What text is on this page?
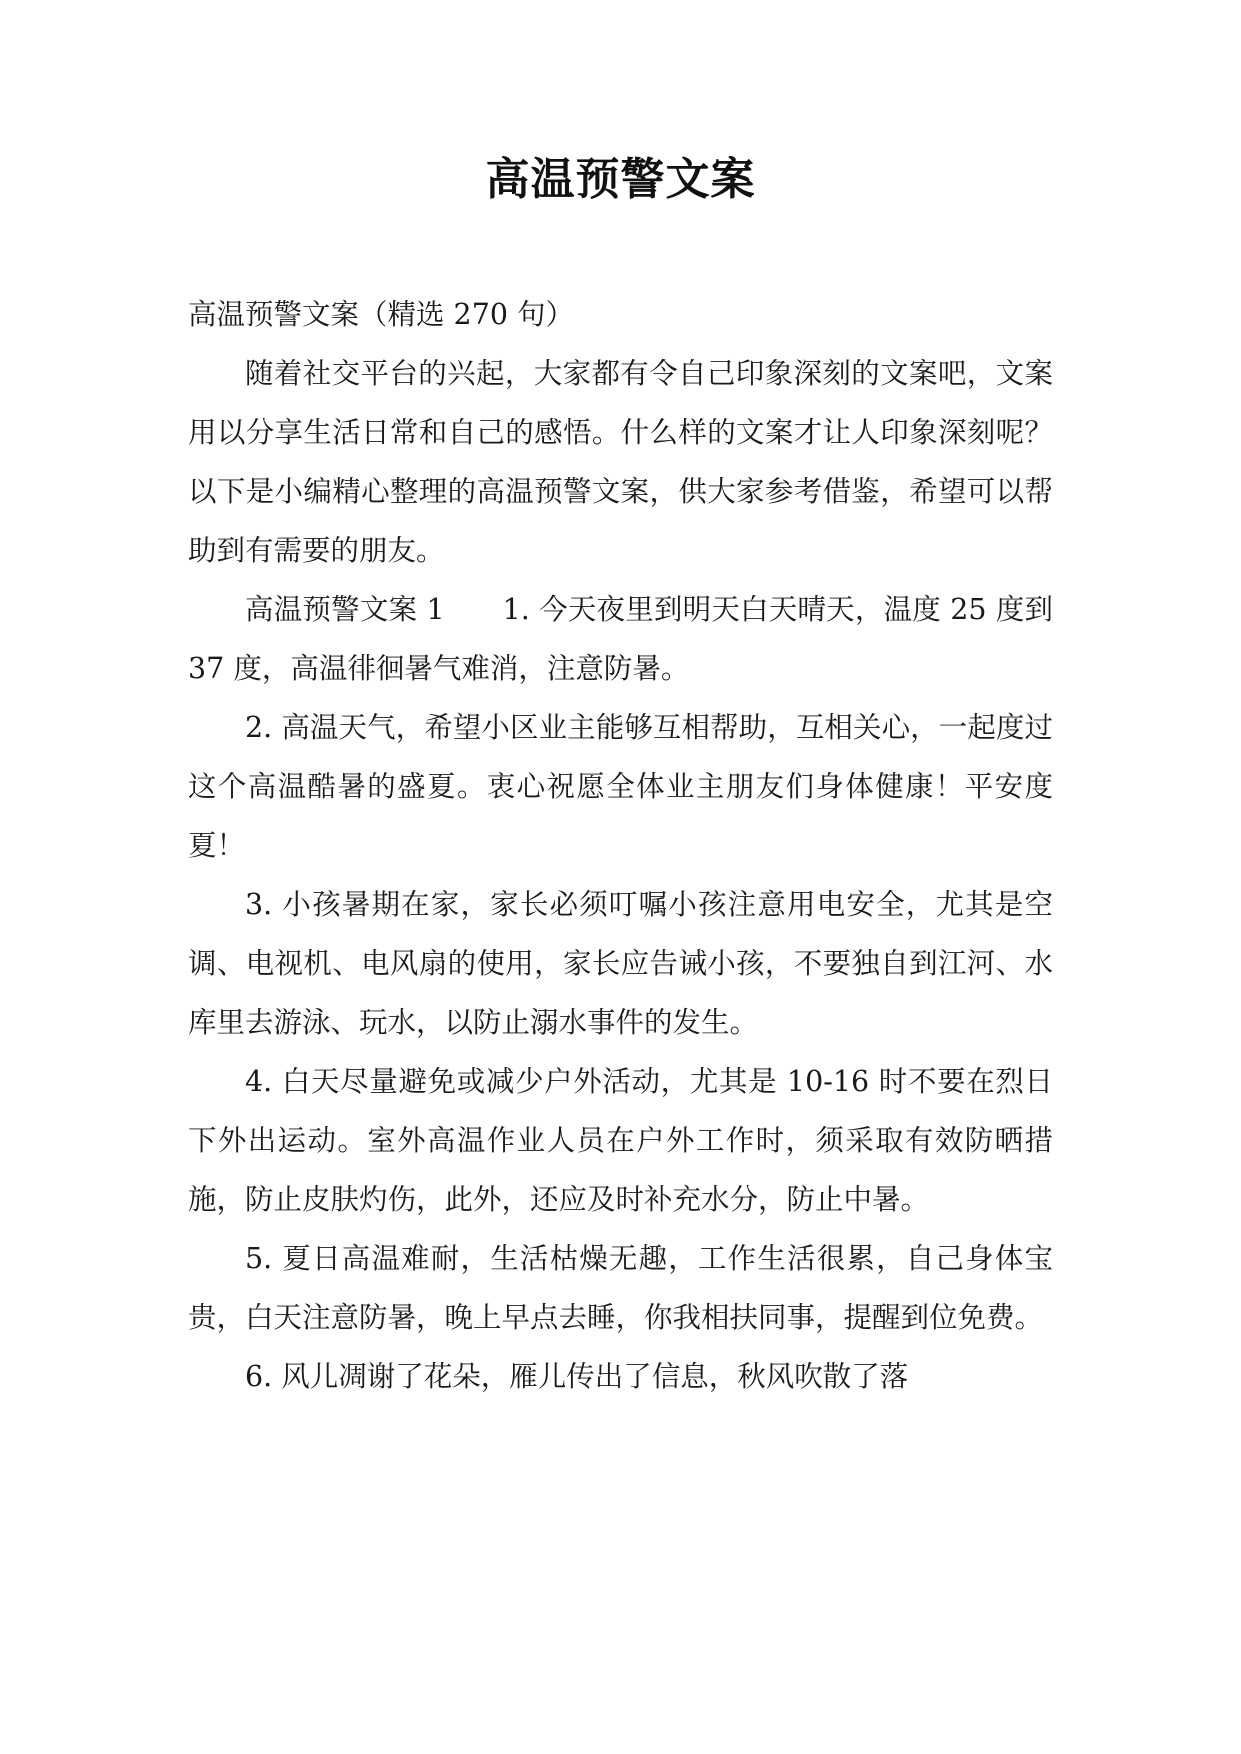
高温预警文案

高温预警文案（精选 270 句）

随着社交平台的兴起，大家都有令自己印象深刻的文案吧，文案用以分享生活日常和自己的感悟。什么样的文案才让人印象深刻呢？以下是小编精心整理的高温预警文案，供大家参考借鉴，希望可以帮助到有需要的朋友。

高温预警文案 1 1. 今天夜里到明天白天晴天，温度 25 度到 37 度，高温徘徊暑气难消，注意防暑。

2. 高温天气，希望小区业主能够互相帮助，互相关心，一起度过这个高温酷暑的盛夏。衷心祝愿全体业主朋友们身体健康！平安度夏！

3. 小孩暑期在家，家长必须叮嘱小孩注意用电安全，尤其是空调、电视机、电风扇的使用，家长应告诫小孩，不要独自到江河、水库里去游泳、玩水，以防止溺水事件的发生。

4. 白天尽量避免或减少户外活动，尤其是 10-16 时不要在烈日下外出运动。室外高温作业人员在户外工作时，须采取有效防晒措施，防止皮肤灼伤，此外，还应及时补充水分，防止中暑。

5. 夏日高温难耐，生活枯燥无趣，工作生活很累，自己身体宝贵，白天注意防暑，晚上早点去睡，你我相扶同事，提醒到位免费。

6. 风儿凋谢了花朵，雁儿传出了信息，秋风吹散了落
